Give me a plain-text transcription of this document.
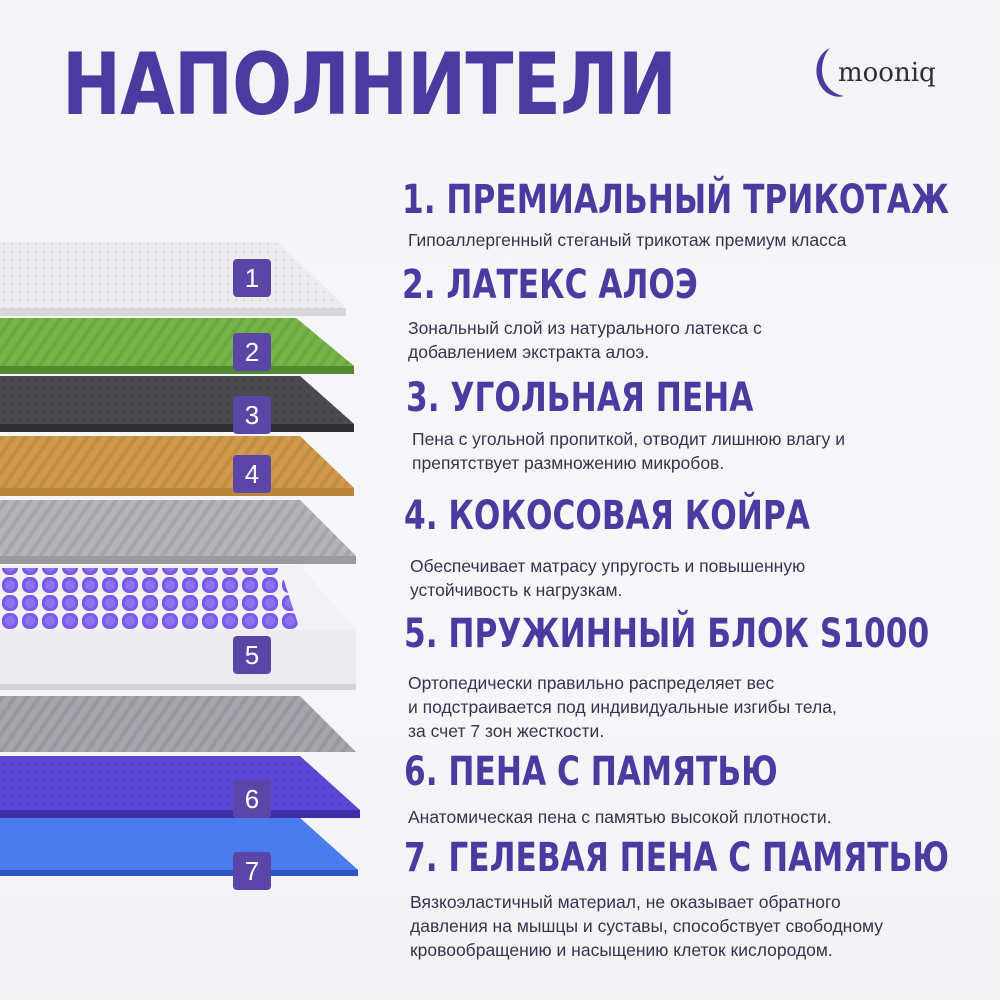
НАПОЛНИТЕЛИ	mooniq
1
2
3
4
5
6
7
1. ПРЕМИАЛЬНЫЙ ТРИКОТАЖ
Гипоаллергенный стеганый трикотаж премиум класса
2. ЛАТЕКС АЛОЭ
Зональный слой из натурального латекса с
добавлением экстракта алоэ.
3. УГОЛЬНАЯ ПЕНА
Пена с угольной пропиткой, отводит лишнюю влагу и
препятствует размножению микробов.
4. КОКОСОВАЯ КОЙРА
Обеспечивает матрасу упругость и повышенную
устойчивость к нагрузкам.
5. ПРУЖИННЫЙ БЛОК S1000
Ортопедически правильно распределяет вес
и подстраивается под индивидуальные изгибы тела,
за счет 7 зон жесткости.
6. ПЕНА С ПАМЯТЬЮ
Анатомическая пена с памятью высокой плотности.
7. ГЕЛЕВАЯ ПЕНА С ПАМЯТЬЮ
Вязкоэластичный материал, не оказывает обратного
давления на мышцы и суставы, способствует свободному
кровообращению и насыщению клеток кислородом.
